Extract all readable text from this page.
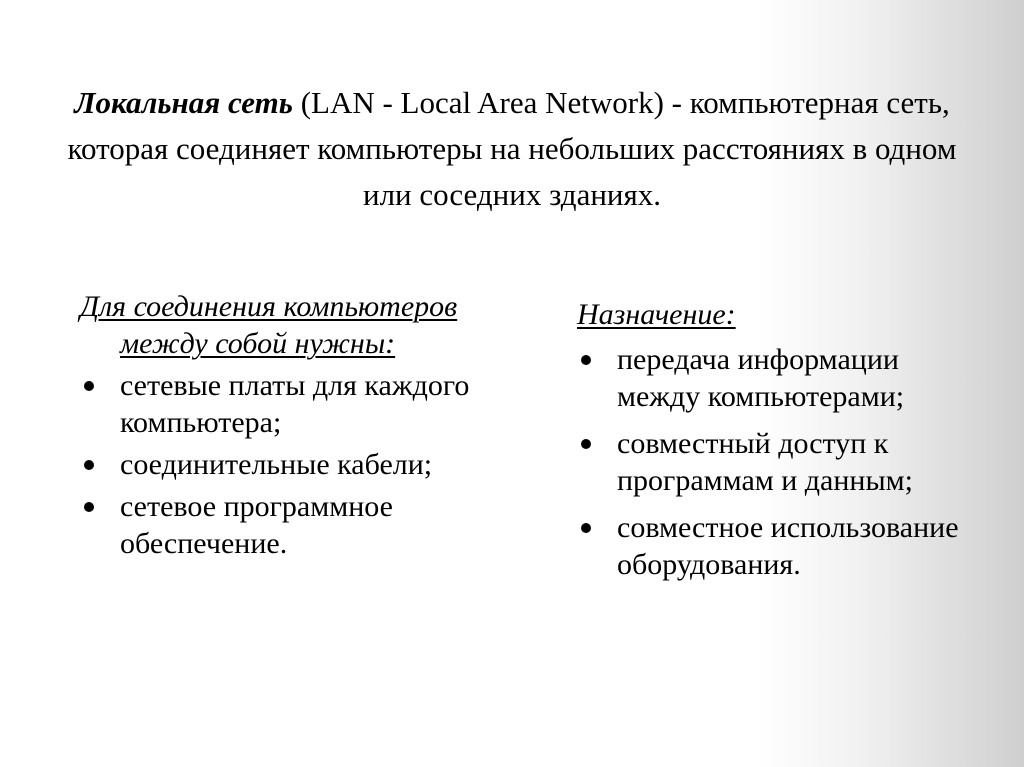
Локальная сеть (LAN - Local Area Network) - компьютерная сеть, которая соединяет компьютеры на небольших расстояниях в одном или соседних зданиях.
Для соединения компьютеров между собой нужны:
сетевые платы для каждого компьютера;
соединительные кабели;
сетевое программное обеспечение.
Назначение:
передача информации между компьютерами;
совместный доступ к программам и данным;
совместное использование оборудования.
